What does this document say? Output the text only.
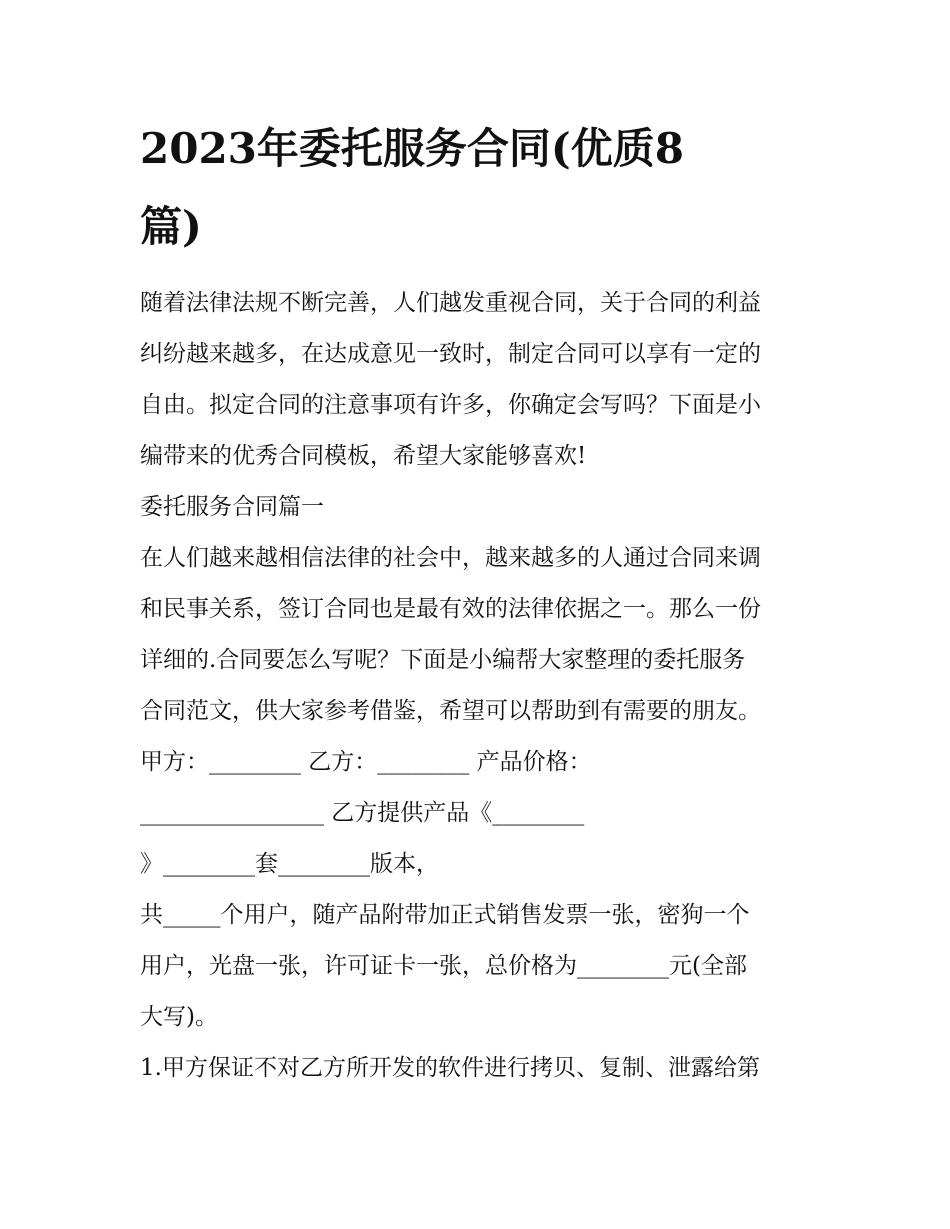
2023年委托服务合同(优质8
篇)

随着法律法规不断完善，人们越发重视合同，关于合同的利益

纠纷越来越多，在达成意见一致时，制定合同可以享有一定的

自由。拟定合同的注意事项有许多，你确定会写吗？下面是小

编带来的优秀合同模板，希望大家能够喜欢!

委托服务合同篇一

在人们越来越相信法律的社会中，越来越多的人通过合同来调

和民事关系，签订合同也是最有效的法律依据之一。那么一份

详细的.合同要怎么写呢？下面是小编帮大家整理的委托服务

合同范文，供大家参考借鉴，希望可以帮助到有需要的朋友。

甲方：________ 乙方：________ 产品价格：

________________ 乙方提供产品《________

》________套________版本，

共_____个用户，随产品附带加正式销售发票一张，密狗一个

用户，光盘一张，许可证卡一张，总价格为________元(全部

大写)。

1.甲方保证不对乙方所开发的软件进行拷贝、复制、泄露给第
